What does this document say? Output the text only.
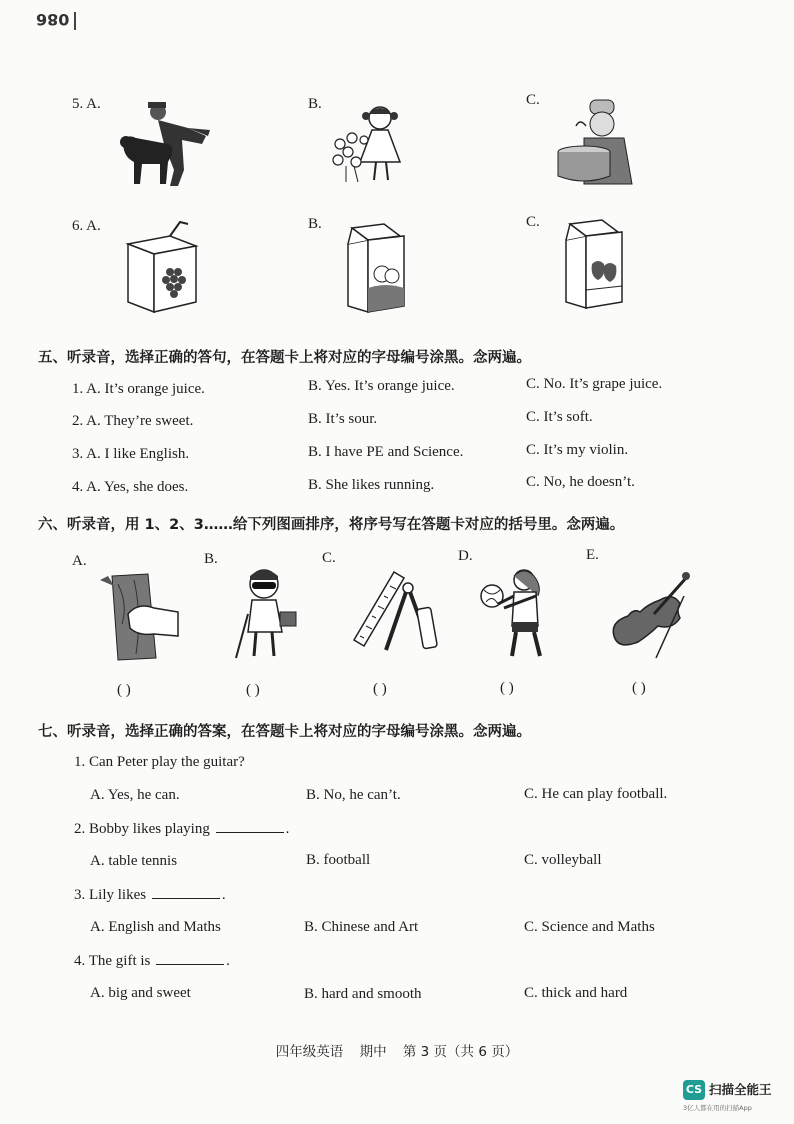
086
5. A.	B.	C.
6. A.	B.	C.
五、听录音，选择正确的答句，在答题卡上将对应的字母编号涂黑。念两遍。
1. A. It’s orange juice.	B. Yes. It’s orange juice.	C. No. It’s grape juice.
2. A. They’re sweet.	B. It’s sour.	C. It’s soft.
3. A. I like English.	B. I have PE and Science.	C. It’s my violin.
4. A. Yes, she does.	B. She likes running.	C. No, he doesn’t.
六、听录音，用 1、2、3……给下列图画排序，将序号写在答题卡对应的括号里。念两遍。
A.	B.	C.	D.	E.
( )	( )	( )	( )	( )
七、听录音，选择正确的答案，在答题卡上将对应的字母编号涂黑。念两遍。
1. Can Peter play the guitar?
A. Yes, he can.	B. No, he can’t.	C. He can play football.
2. Bobby likes playing	.
A. table tennis	B. football	C. volleyball
3. Lily likes	.
A. English and Maths	B. Chinese and Art	C. Science and Maths
4. The gift is	.
A. big and sweet	B. hard and smooth	C. thick and hard
四年级英语 期中 第 3 页（共 6 页）
CS 扫描全能王
3亿人都在用的扫描App
